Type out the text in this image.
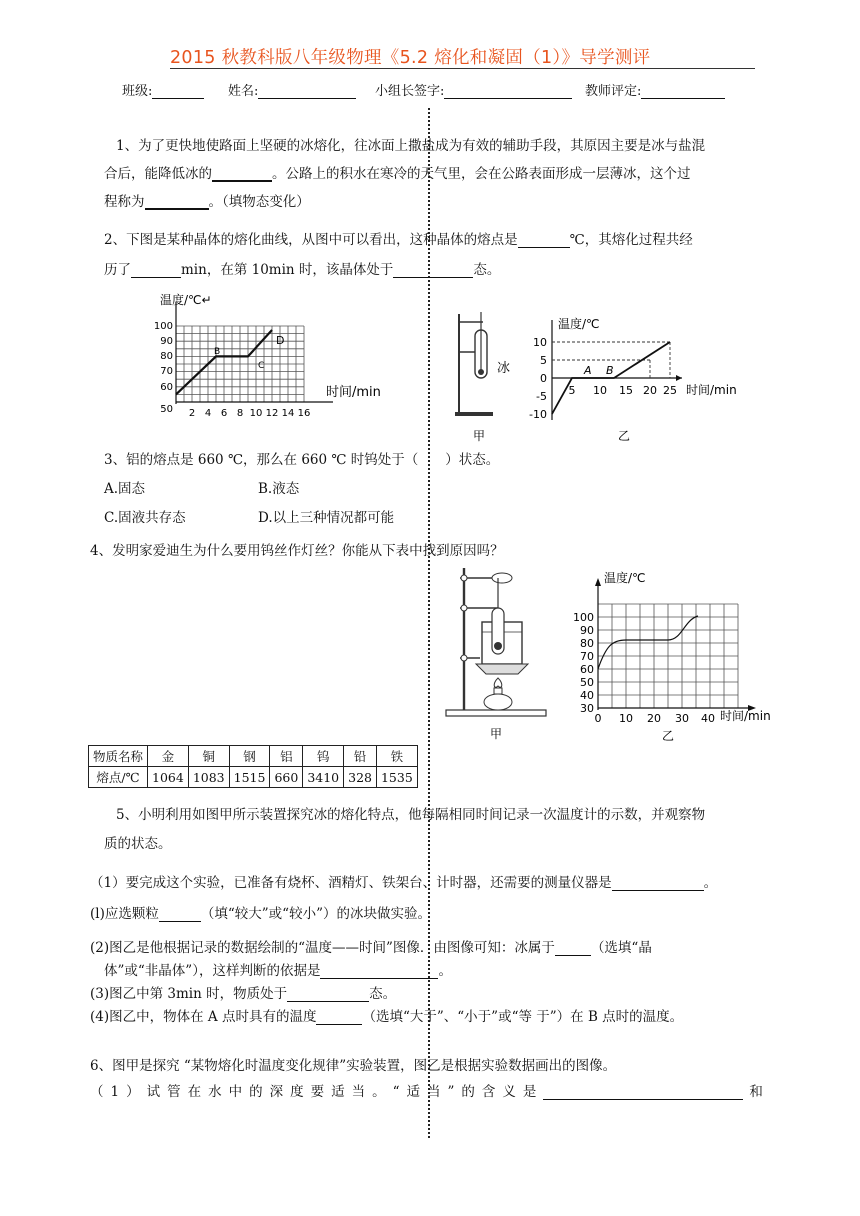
2015 秋教科版八年级物理《5.2 熔化和凝固（1）》导学测评
班级:	姓名:	小组长签字:	教师评定:
1、为了更快地使路面上坚硬的冰熔化，往冰面上撒盐成为有效的辅助手段，其原因主要是冰与盐混
合后，能降低冰的	。公路上的积水在寒冷的天气里，会在公路表面形成一层薄冰，这个过
程称为	。（填物态变化）
2、下图是某种晶体的熔化曲线，从图中可以看出，这种晶体的熔点是	℃，其熔化过程共经
历了	min，在第 10min 时，该晶体处于	态。
温度/℃↵
时间/min
100
90
80
70
60
50 2 4 6 8 10 12 14 16
B
C
D
冰
甲
温度/℃
时间/min
10
5
0
-5
-10
5 10 15 20 25
A B
乙
3、铝的熔点是 660 ℃，那么在 660 ℃ 时钨处于（　　）状态。
A.固态	B.液态
C.固液共存态	D.以上三种情况都可能
4、发明家爱迪生为什么要用钨丝作灯丝？你能从下表中找到原因吗？
甲
温度/℃
时间/min
100
90
80
70
60
50
40
30
0 10 20 30 40
乙
物质名称	金	铜	钢	铝	钨	铅	铁
熔点/℃	1064	1083	1515	660	3410	328	1535
5、小明利用如图甲所示装置探究冰的熔化特点，他每隔相同时间记录一次温度计的示数，并观察物
质的状态。
（1）要完成这个实验，已准备有烧杯、酒精灯、铁架台、计时器，还需要的测量仪器是	。
(l)应选颗粒	（填“较大”或“较小”）的冰块做实验。
(2)图乙是他根据记录的数据绘制的“温度——时间”图像．由图像可知：冰属于	（选填“晶
体”或“非晶体”），这样判断的依据是	。
(3)图乙中第 3min 时，物质处于	态。
(4)图乙中，物体在 A 点时具有的温度	（选填“大于”、“小于”或“等 于”）在 B 点时的温度。
6、图甲是探究 “某物熔化时温度变化规律”实验装置，图乙是根据实验数据画出的图像。
（1）试管在水中的深度要适当。“适当”的含义是	和
